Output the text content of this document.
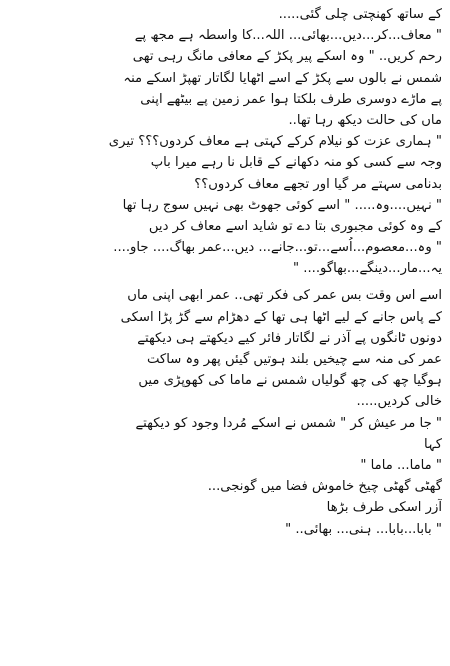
کے ساتھ کھنچتی چلی گئی.....
" معاف...کر...دیں...بھائی... اللہ...کا واسطہ ہے مجھ پے
رحم کریں.. " وہ اسکے پیر پکڑ کے معافی مانگ رہی تھی
شمس نے بالوں سے پکڑ کے اسے اٹھایا لگاتار تھپڑ اسکے منہ
پے ماڑے دوسری طرف بلکتا ہوا عمر زمین پے بیٹھے اپنی
ماں کی حالت دیکھ رہا تھا..
" ہماری عزت کو نیلام کرکے کہتی ہے معاف کردوں؟؟؟ تیری
وجہ سے کسی کو منہ دکھانے کے قابل نا رہے میرا باپ
بدنامی سہتے مر گیا اور تجھے معاف کردوں؟؟
" نہیں....وہ..... " اسے کوئی جھوٹ بھی نہیں سوج رہا تھا
کے وہ کوئی مجبوری بتا دے تو شاید اسے معاف کر دیں
" وہ...معصوم...اُسے...تو...جانے... دیں...عمر بھاگ.... جاو....
یہ...مار...دینگے...بھاگو.... "
اسے اس وقت بس عمر کی فکر تھی.. عمر ابھی اپنی ماں
کے پاس جانے کے لیے اٹھا ہی تھا کے دھڑام سے گڑ پڑا اسکی
دونوں ٹانگوں پے آذر نے لگاتار فائر کیے دیکھتے ہی دیکھتے
عمر کی منہ سے چیخیں بلند ہوتیں گیئں پھر وہ ساکت
ہوگیا چھ کی چھ گولیاں شمس نے ماما کی کھوپڑی میں
خالی کردیں.....
" جا مر عیش کر " شمس نے اسکے مُردا وجود کو دیکھتے
کہا
" ماما... ماما "
گھٹی گھٹی چیخ خاموش فضا میں گونجی...
آزر اسکی طرف بڑھا
" بابا...بابا... ہنی... بھائی.. "
